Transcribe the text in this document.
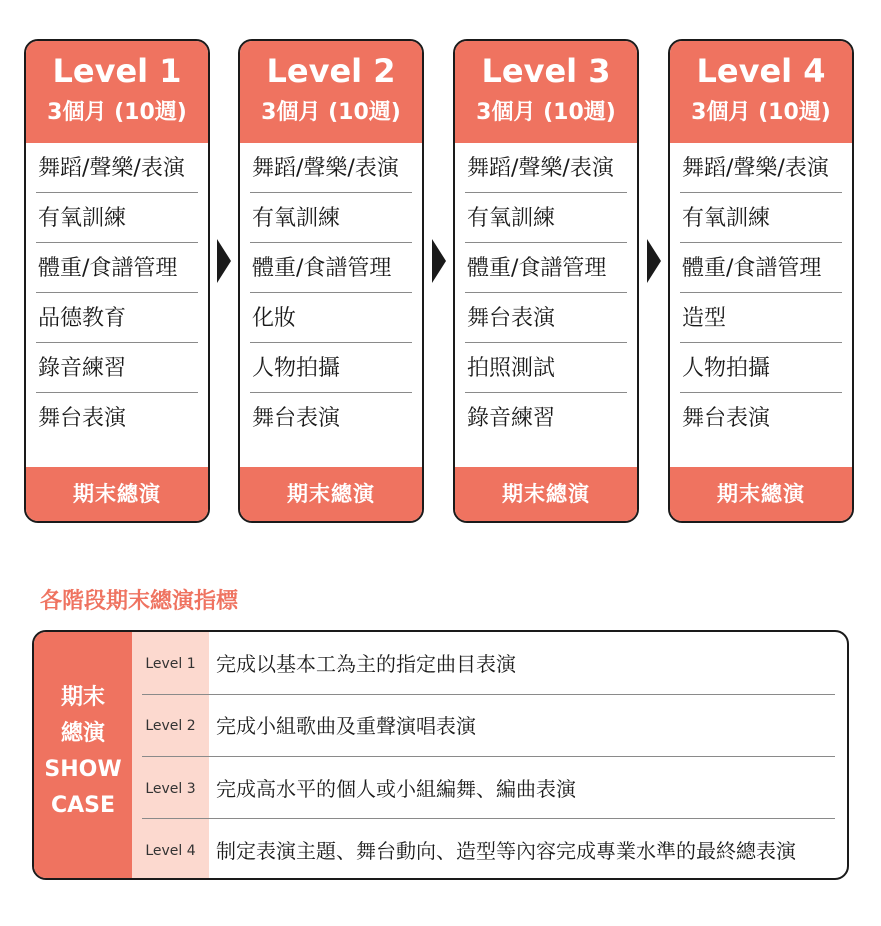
Level 1
3個月 (10週)
舞蹈/聲樂/表演
有氧訓練
體重/食譜管理
品德教育
錄音練習
舞台表演
期末總演
Level 2
3個月 (10週)
舞蹈/聲樂/表演
有氧訓練
體重/食譜管理
化妝
人物拍攝
舞台表演
期末總演
Level 3
3個月 (10週)
舞蹈/聲樂/表演
有氧訓練
體重/食譜管理
舞台表演
拍照測試
錄音練習
期末總演
Level 4
3個月 (10週)
舞蹈/聲樂/表演
有氧訓練
體重/食譜管理
造型
人物拍攝
舞台表演
期末總演
各階段期末總演指標
期末
總演
SHOW
CASE
Level 1	完成以基本工為主的指定曲目表演
Level 2	完成小組歌曲及重聲演唱表演
Level 3	完成高水平的個人或小組編舞、編曲表演
Level 4	制定表演主題、舞台動向、造型等內容完成專業水準的最終總表演
